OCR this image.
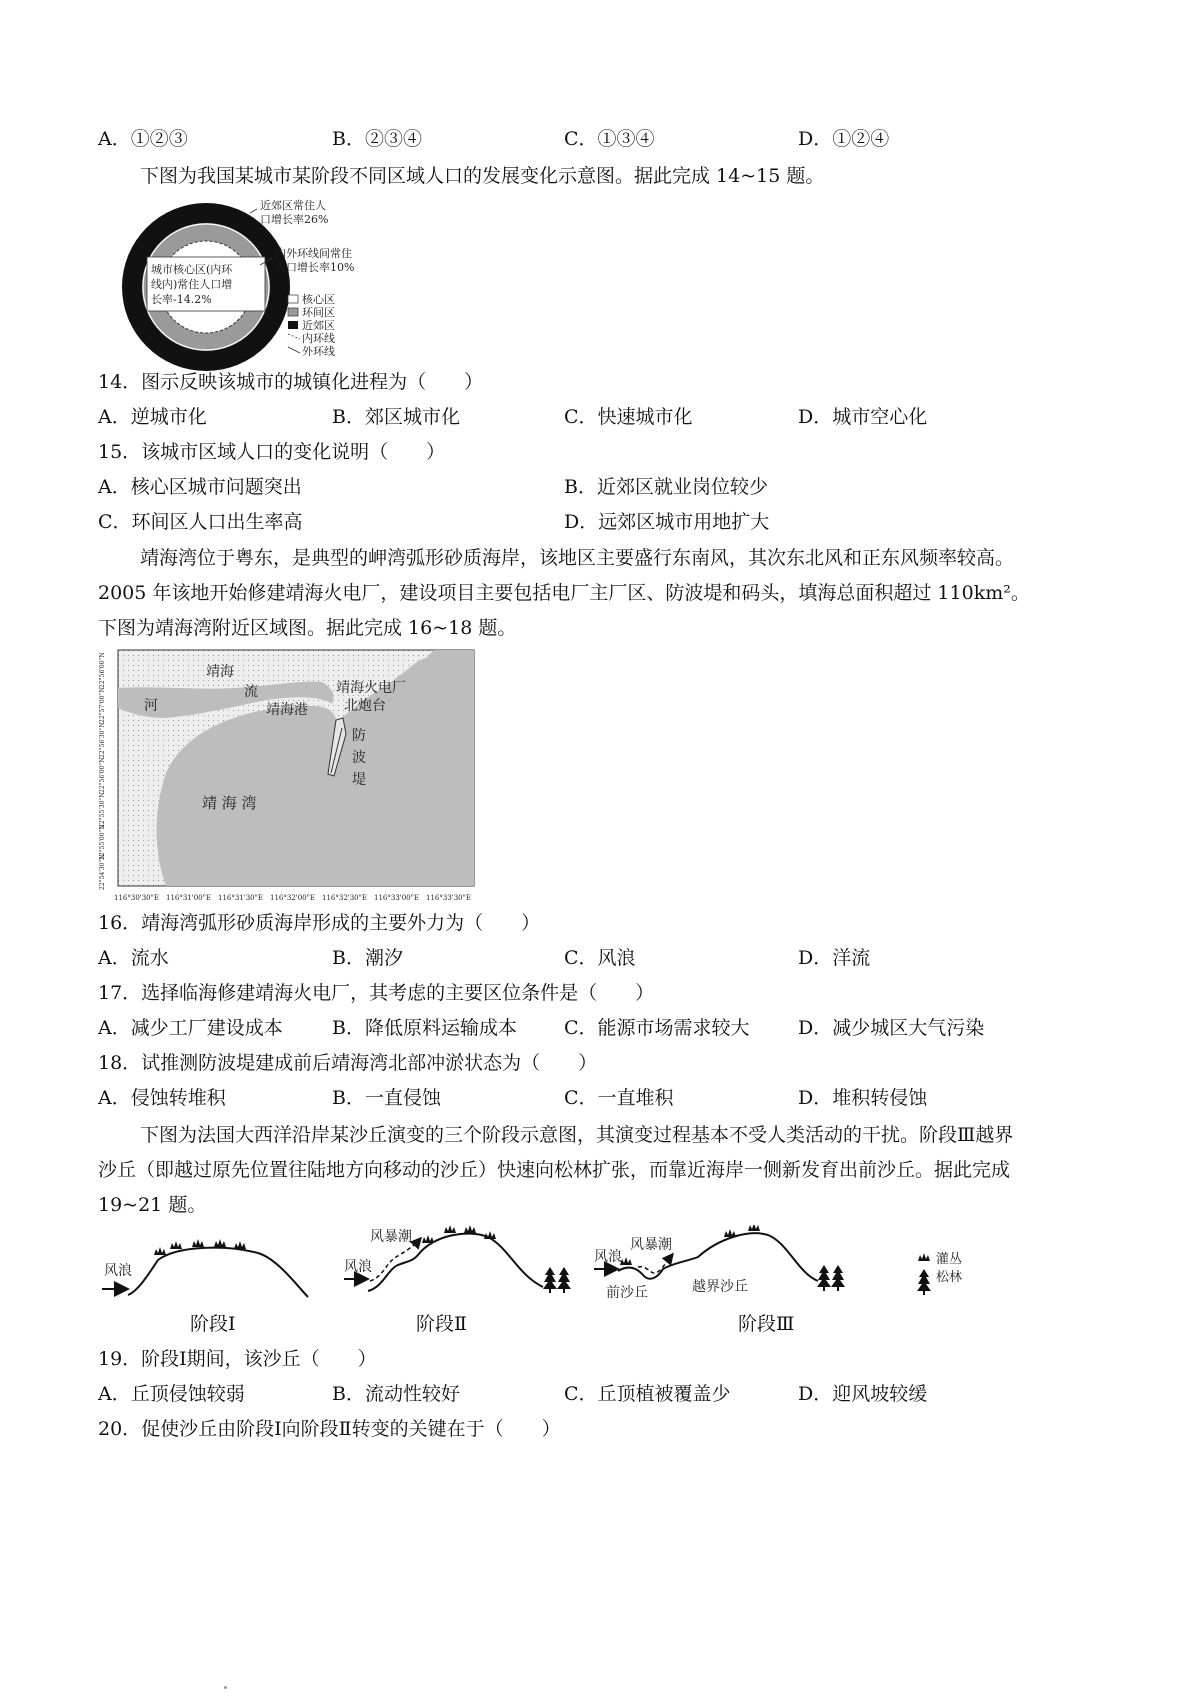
A．①②③	B．②③④	C．①③④	D．①②④
下图为我国某城市某阶段不同区域人口的发展变化示意图。据此完成 14~15 题。
城市核心区(内环
线内)常住人口增
长率-14.2%
近郊区常住人
口增长率26%
内外环线间常住
人口增长率10%
核心区
环间区
近郊区
内环线
外环线
14．图示反映该城市的城镇化进程为（　　）
A．逆城市化	B．郊区城市化	C．快速城市化	D．城市空心化
15．该城市区域人口的变化说明（　　）
A．核心区城市问题突出	B．近郊区就业岗位较少
C．环间区人口出生率高	D．远郊区城市用地扩大
靖海湾位于粤东，是典型的岬湾弧形砂质海岸，该地区主要盛行东南风，其次东北风和正东风频率较高。
2005 年该地开始修建靖海火电厂，建设项目主要包括电厂主厂区、防波堤和码头，填海总面积超过 110km²。
下图为靖海湾附近区域图。据此完成 16~18 题。
靖海
河
流
靖海港
靖海火电厂
北炮台
防
波
堤
靖 海 湾
22°56'00"N
22°57'00"N
22°56'30"N
22°56'00"N
22°55'30"N
22°55'00"N
22°54'30"N
116°30'30"E 116°31'00"E 116°31'30"E 116°32'00"E 116°32'30"E 116°33'00"E 116°33'30"E
16．靖海湾弧形砂质海岸形成的主要外力为（　　）
A．流水	B．潮汐	C．风浪	D．洋流
17．选择临海修建靖海火电厂，其考虑的主要区位条件是（　　）
A．减少工厂建设成本	B．降低原料运输成本 C．能源市场需求较大	D．减少城区大气污染
18．试推测防波堤建成前后靖海湾北部冲淤状态为（　　）
A．侵蚀转堆积	B．一直侵蚀	C．一直堆积	D．堆积转侵蚀
下图为法国大西洋沿岸某沙丘演变的三个阶段示意图，其演变过程基本不受人类活动的干扰。阶段Ⅲ越界
沙丘（即越过原先位置往陆地方向移动的沙丘）快速向松林扩张，而靠近海岸一侧新发育出前沙丘。据此完成
19~21 题。
风浪	风浪
风暴潮
风浪
风暴潮
前沙丘	越界沙丘
灌丛
松林
阶段Ⅰ	阶段Ⅱ	阶段Ⅲ
19．阶段Ⅰ期间，该沙丘（　　）
A．丘顶侵蚀较弱	B．流动性较好	C．丘顶植被覆盖少	D．迎风坡较缓
20．促使沙丘由阶段Ⅰ向阶段Ⅱ转变的关键在于（　　）
